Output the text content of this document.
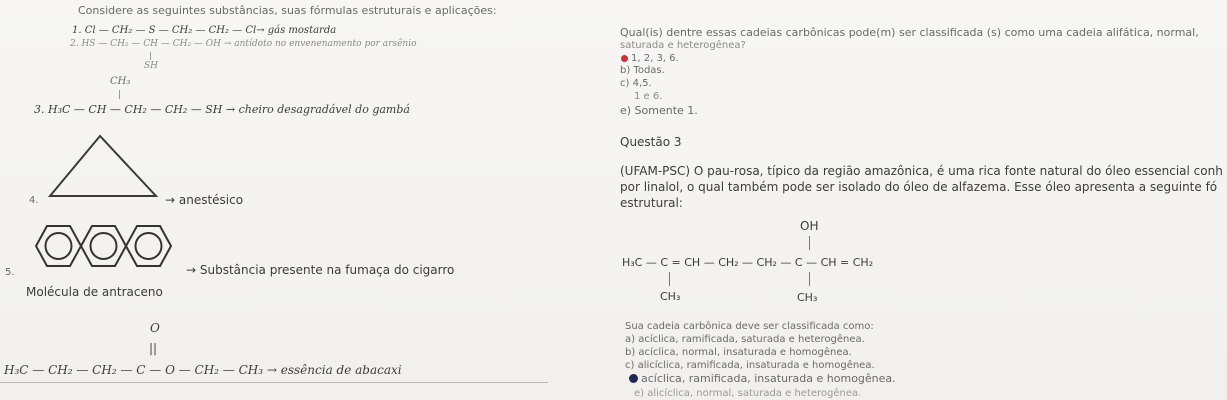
Considere as seguintes substâncias, suas fórmulas estruturais e aplicações:
1. Cl — CH₂ — S — CH₂ — CH₂ — Cl→ gás mostarda
2. HS — CH₂ — CH — CH₂ — OH → antídoto no envenenamento por arsênio
SH
CH₃
3. H₃C — CH — CH₂ — CH₂ — SH → cheiro desagradável do gambá
4.	→ anestésico
5.	→ Substância presente na fumaça do cigarro
Molécula de antraceno
O
||
H₃C — CH₂ — CH₂ — C — O — CH₂ — CH₃ → essência de abacaxi
Qual(is) dentre essas cadeias carbônicas pode(m) ser classificada (s) como uma cadeia alifática, normal,
saturada e heterogênea?
1, 2, 3, 6.
b) Todas.
c) 4,5.
1 e 6.
e) Somente 1.
Questão 3
(UFAM-PSC) O pau-rosa, típico da região amazônica, é uma rica fonte natural do óleo essencial conh
por linalol, o qual também pode ser isolado do óleo de alfazema. Esse óleo apresenta a seguinte fó
estrutural:
OH
H₃C — C = CH — CH₂ — CH₂ — C — CH = CH₂
CH₃	CH₃
Sua cadeia carbônica deve ser classificada como:
a) acíclica, ramificada, saturada e heterogênea.
b) acíclica, normal, insaturada e homogênea.
c) alicíclica, ramificada, insaturada e homogênea.
acíclica, ramificada, insaturada e homogênea.
e) alicíclica, normal, saturada e heterogênea.
